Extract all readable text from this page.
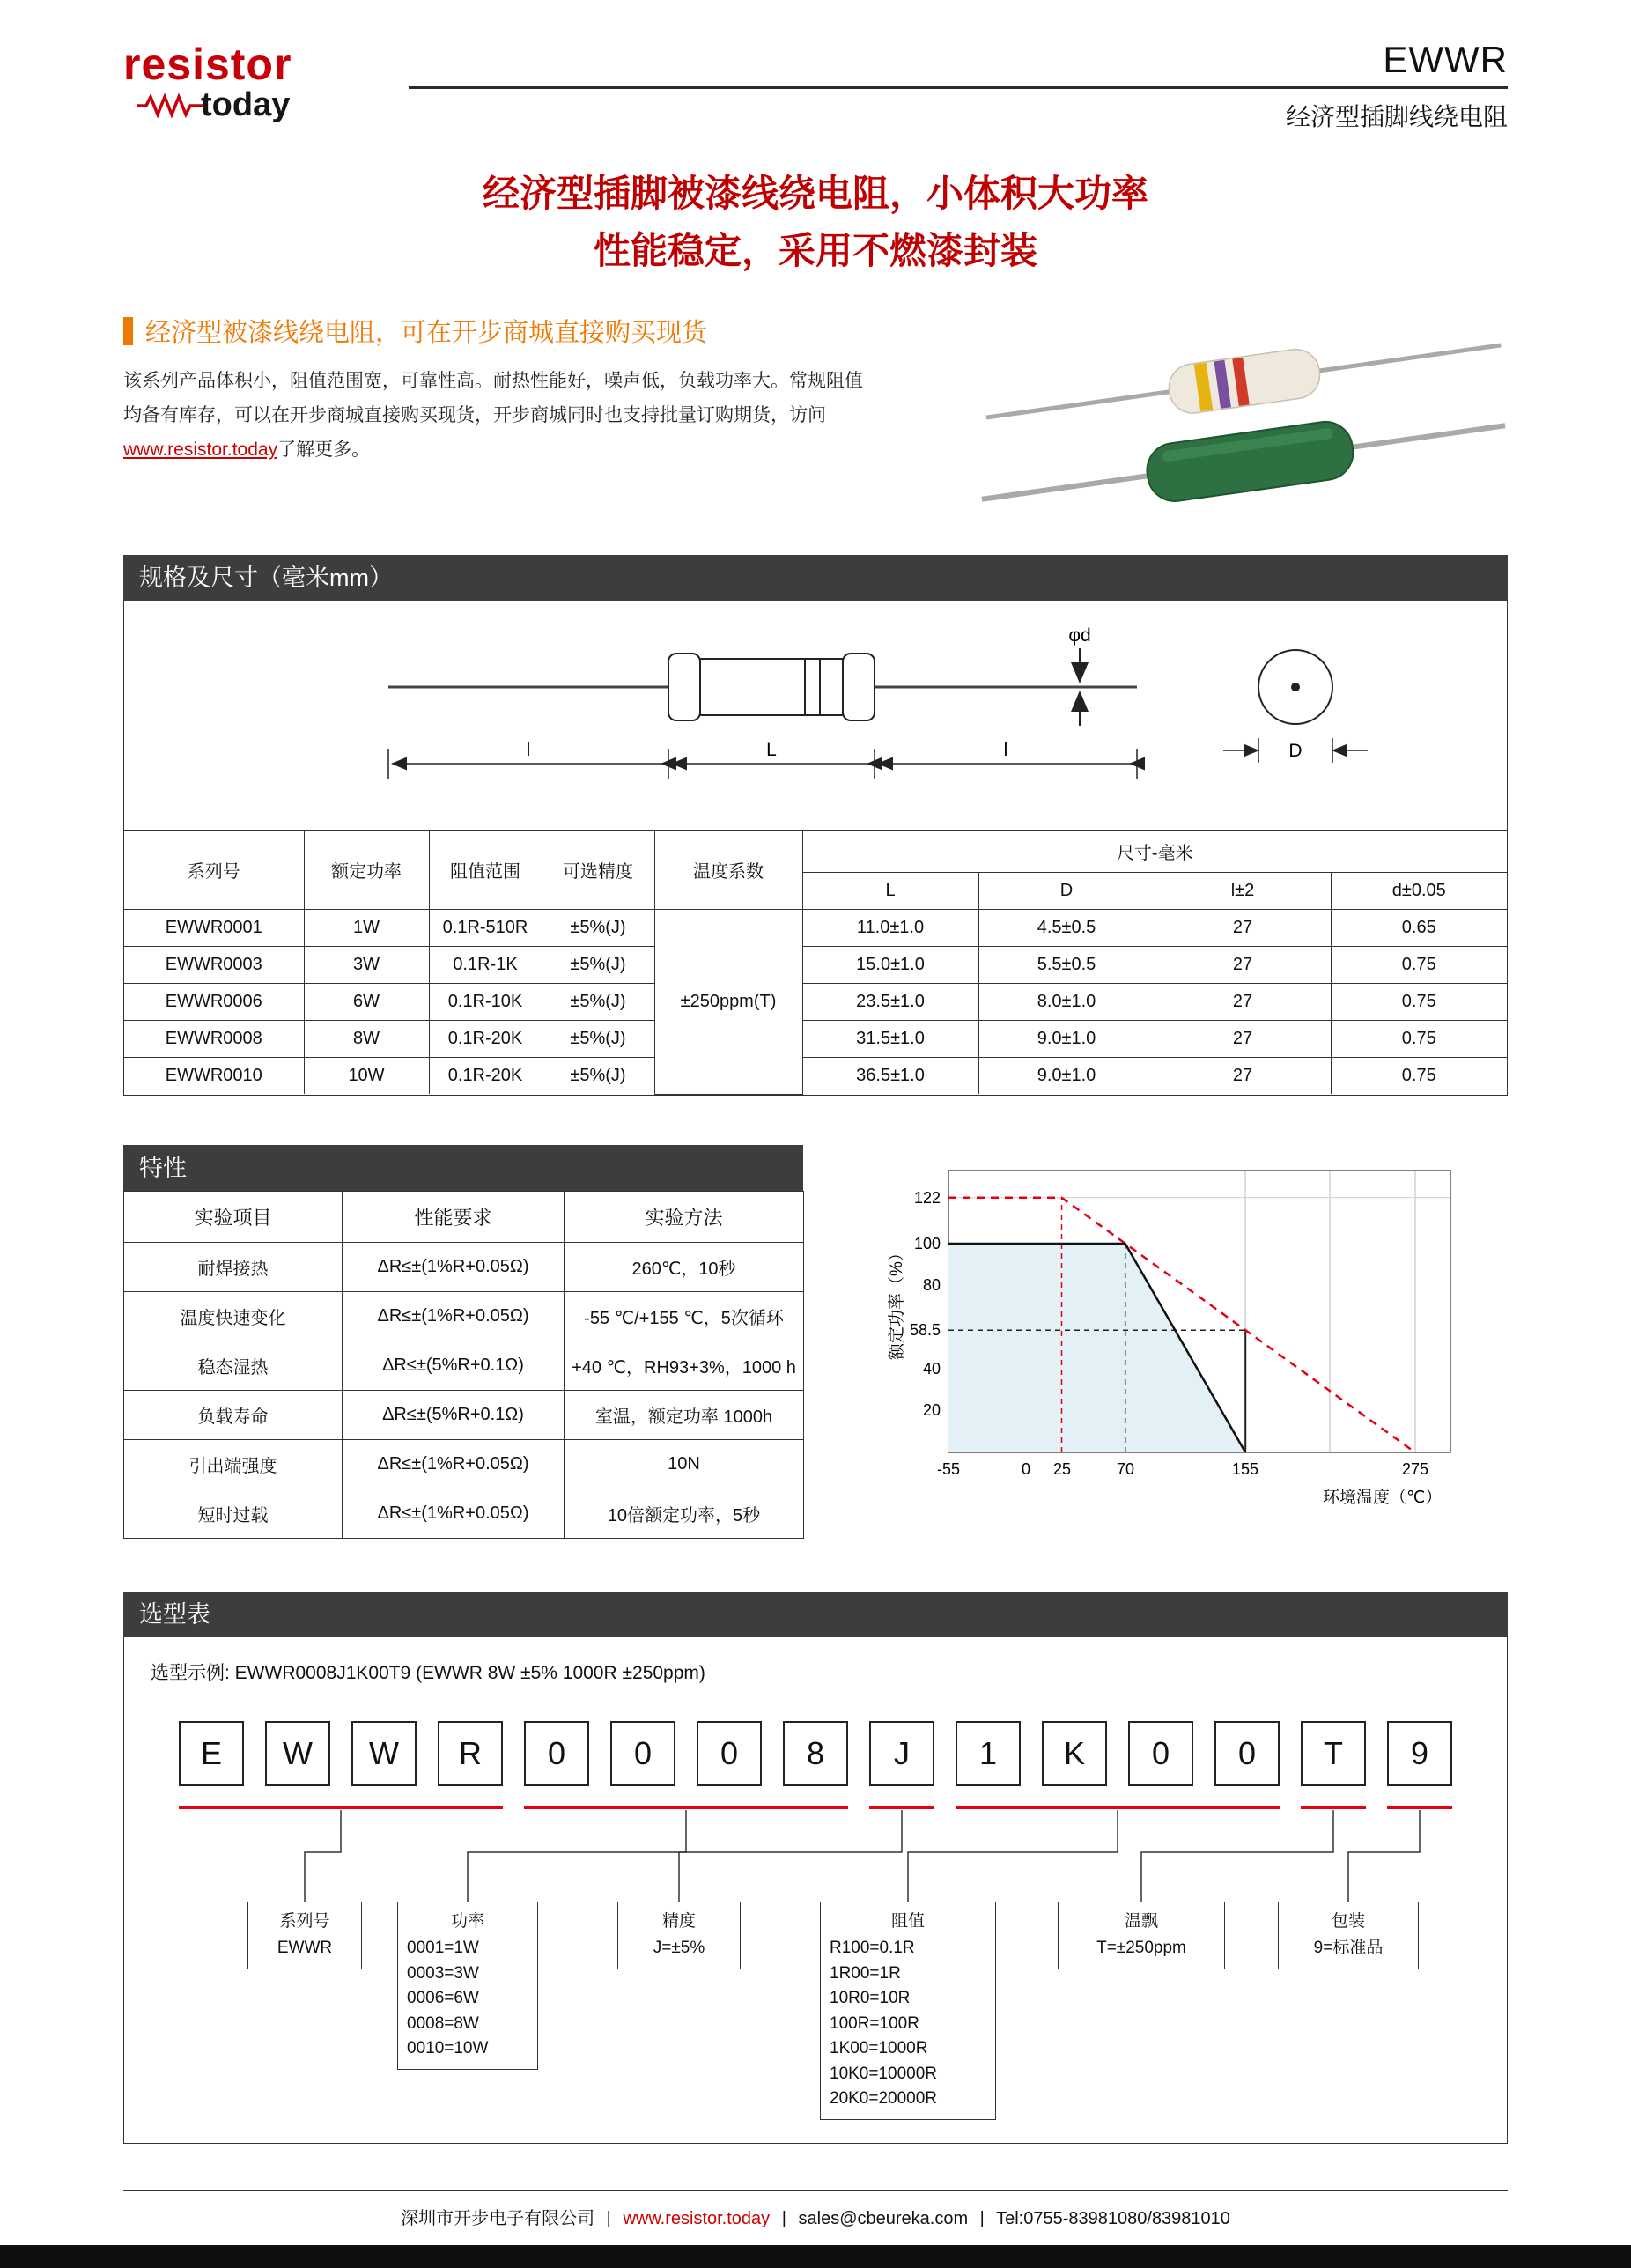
resistor
today
EWWR
经济型插脚线绕电阻
经济型插脚被漆线绕电阻，小体积大功率
性能稳定，采用不燃漆封装
经济型被漆线绕电阻，可在开步商城直接购买现货
该系列产品体积小，阻值范围宽，可靠性高。耐热性能好，噪声低，负载功率大。常规阻值均备有库存，可以在开步商城直接购买现货，开步商城同时也支持批量订购期货，访问www.resistor.today了解更多。
规格及尺寸（毫米mm）
φd
l	L	l	D
系列号	额定功率	阻值范围	可选精度	温度系数	尺寸-毫米			
					L	D	l±2	d±0.05
EWWR0001	1W	0.1R-510R	±5%(J)	±250ppm(T)	11.0±1.0	4.5±0.5	27	0.65
EWWR0003	3W	0.1R-1K	±5%(J)		15.0±1.0	5.5±0.5	27	0.75
EWWR0006	6W	0.1R-10K	±5%(J)		23.5±1.0	8.0±1.0	27	0.75
EWWR0008	8W	0.1R-20K	±5%(J)		31.5±1.0	9.0±1.0	27	0.75
EWWR0010	10W	0.1R-20K	±5%(J)		36.5±1.0	9.0±1.0	27	0.75
特性
实验项目	性能要求	实验方法
耐焊接热	ΔR≤±(1%R+0.05Ω)	260℃，10秒
温度快速变化	ΔR≤±(1%R+0.05Ω)	-55 ℃/+155 ℃，5次循环
稳态湿热	ΔR≤±(5%R+0.1Ω)	+40 ℃，RH93+3%，1000 h
负载寿命	ΔR≤±(5%R+0.1Ω)	室温，额定功率 1000h
引出端强度	ΔR≤±(1%R+0.05Ω)	10N
短时过载	ΔR≤±(1%R+0.05Ω)	10倍额定功率，5秒
122
100
80
58.5
40
20
-55	0 25	70	155	275
额定功率（%）
环境温度（℃）
选型表
选型示例: EWWR0008J1K00T9 (EWWR 8W ±5% 1000R ±250ppm)
E	W	W	R	0	0	0	8	J	1	K	0	0	T	9
系列号
EWWR
功率
0001=1W
0003=3W
0006=6W
0008=8W
0010=10W
精度
J=±5%
阻值
R100=0.1R
1R00=1R
10R0=10R
100R=100R
1K00=1000R
10K0=10000R
20K0=20000R
温飘
T=±250ppm
包装
9=标准品
深圳市开步电子有限公司 | www.resistor.today | sales@cbeureka.com | Tel:0755-83981080/83981010
